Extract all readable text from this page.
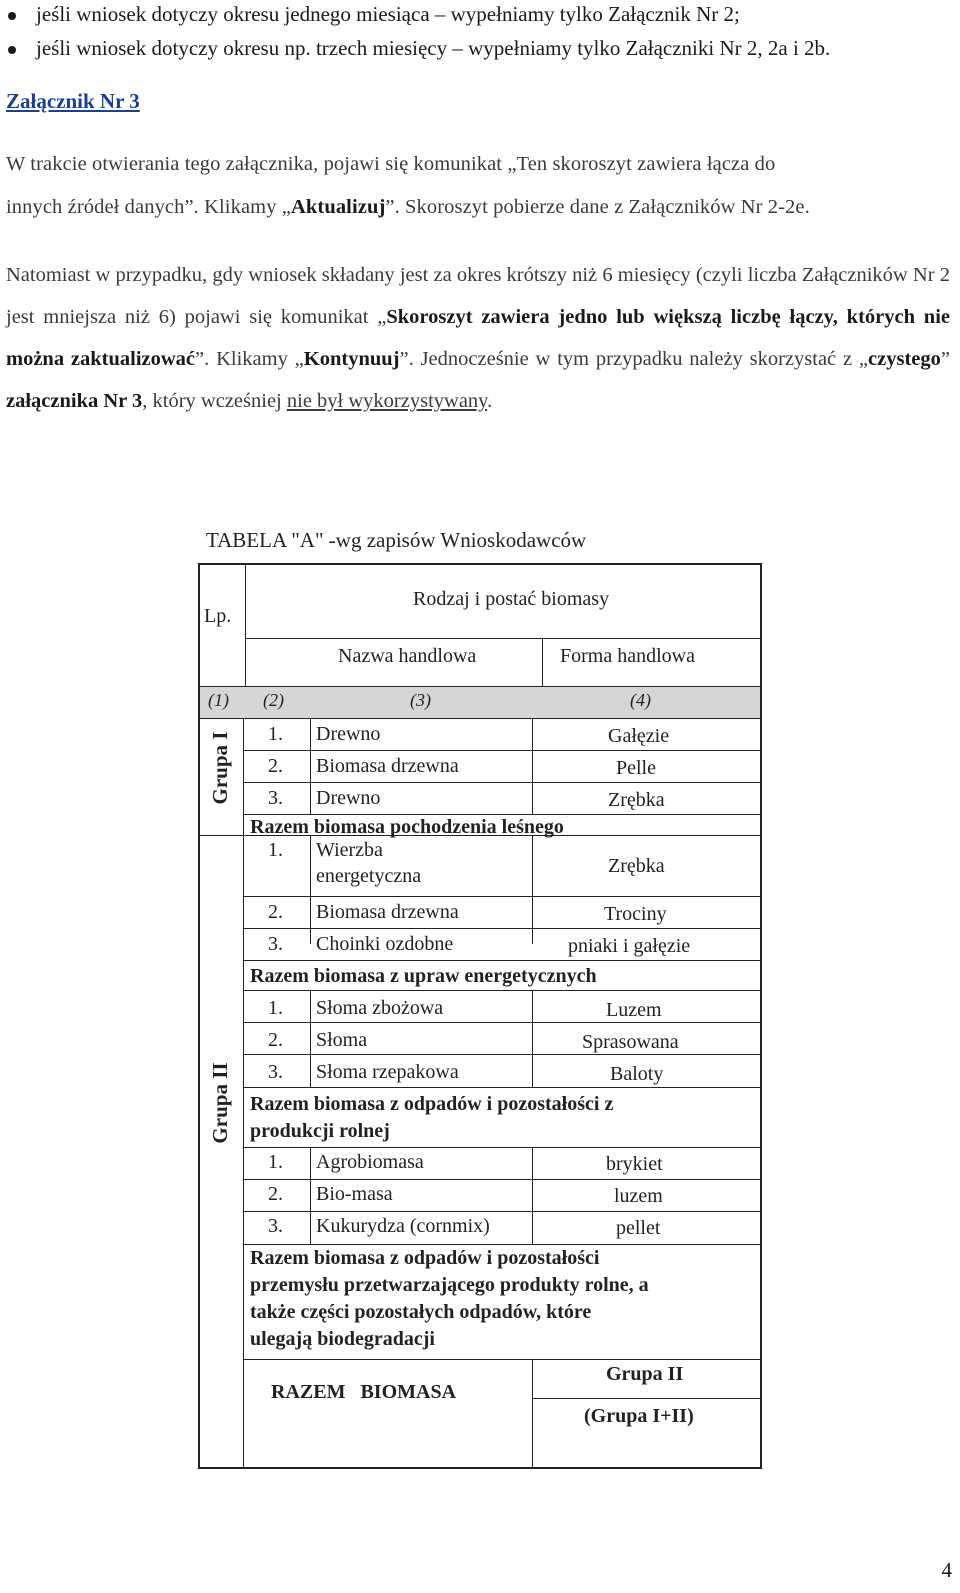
jeśli wniosek dotyczy okresu jednego miesiąca – wypełniamy tylko Załącznik Nr 2;
jeśli wniosek dotyczy okresu np. trzech miesięcy – wypełniamy tylko Załączniki Nr 2, 2a i 2b.
Załącznik Nr 3
W trakcie otwierania tego załącznika, pojawi się komunikat „Ten skoroszyt zawiera łącza do
innych źródeł danych”. Klikamy „Aktualizuj”. Skoroszyt pobierze dane z Załączników Nr 2-2e.
Natomiast w przypadku, gdy wniosek składany jest za okres krótszy niż 6 miesięcy (czyli liczba Załączników Nr 2 jest mniejsza niż 6) pojawi się komunikat „Skoroszyt zawiera jedno lub większą liczbę łączy, których nie można zaktualizować”. Klikamy „Kontynuuj”. Jednocześnie w tym przypadku należy skorzystać z „czystego” załącznika Nr 3, który wcześniej nie był wykorzystywany.
TABELA "A" -wg zapisów Wnioskodawców
Lp.
Rodzaj i postać biomasy
Nazwa handlowa	Forma handlowa
(1) (2)	(3)	(4)
Grupa I
Grupa II
1. Drewno	Gałęzie
2. Biomasa drzewna	Pelle
3. Drewno	Zrębka
Razem biomasa pochodzenia leśnego
1. Wierzba
energetyczna	Zrębka
2. Biomasa drzewna	Trociny
3. Choinki ozdobne	pniaki i gałęzie
Razem biomasa z upraw energetycznych
1. Słoma zbożowa	Luzem
2. Słoma	Sprasowana
3. Słoma rzepakowa	Baloty
Razem biomasa z odpadów i pozostałości z
produkcji rolnej
1. Agrobiomasa	brykiet
2. Bio-masa	luzem
3. Kukurydza (cornmix)	pellet
Razem biomasa z odpadów i pozostałości
przemysłu przetwarzającego produkty rolne, a
także części pozostałych odpadów, które
ulegają biodegradacji
RAZEM   BIOMASA
Grupa II
(Grupa I+II)
4
